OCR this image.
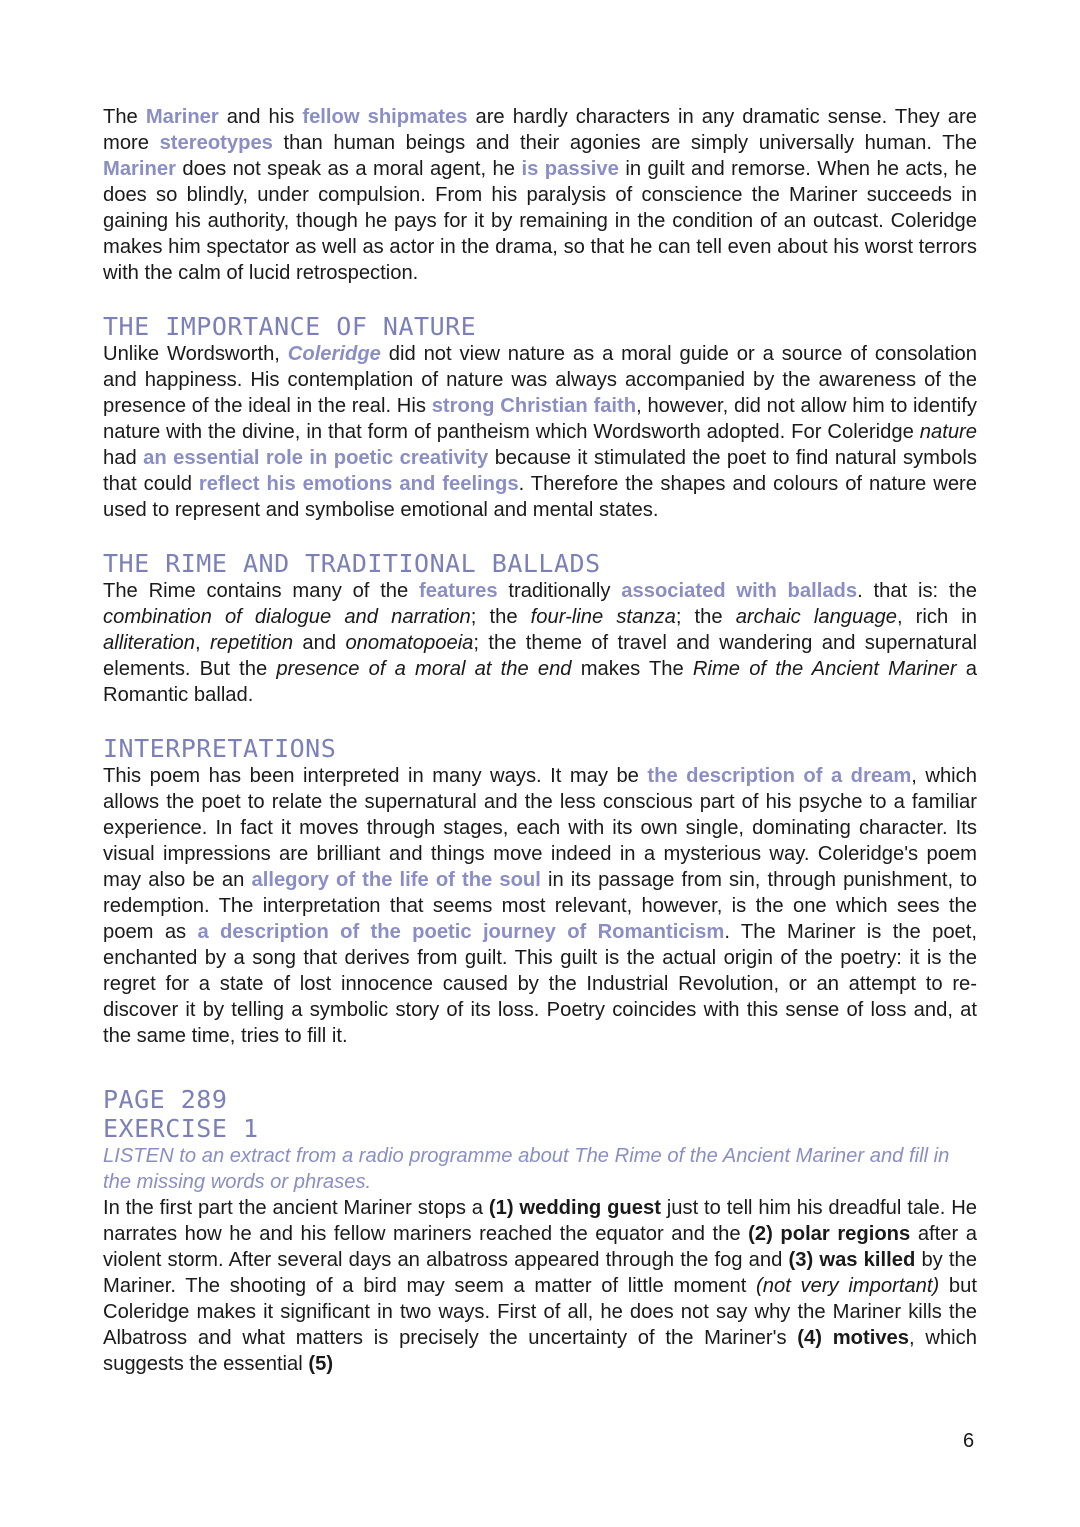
The Mariner and his fellow shipmates are hardly characters in any dramatic sense. They are more stereotypes than human beings and their agonies are simply universally human. The Mariner does not speak as a moral agent, he is passive in guilt and remorse. When he acts, he does so blindly, under compulsion. From his paralysis of conscience the Mariner succeeds in gaining his authority, though he pays for it by remaining in the condition of an outcast. Coleridge makes him spectator as well as actor in the drama, so that he can tell even about his worst terrors with the calm of lucid retrospection.

THE IMPORTANCE OF NATURE

Unlike Wordsworth, Coleridge did not view nature as a moral guide or a source of consolation and happiness. His contemplation of nature was always accompanied by the awareness of the presence of the ideal in the real. His strong Christian faith, however, did not allow him to identify nature with the divine, in that form of pantheism which Wordsworth adopted. For Coleridge nature had an essential role in poetic creativity because it stimulated the poet to find natural symbols that could reflect his emotions and feelings. Therefore the shapes and colours of nature were used to represent and symbolise emotional and mental states.

THE RIME AND TRADITIONAL BALLADS

The Rime contains many of the features traditionally associated with ballads. that is: the combination of dialogue and narration; the four-line stanza; the archaic language, rich in alliteration, repetition and onomatopoeia; the theme of travel and wandering and supernatural elements. But the presence of a moral at the end makes The Rime of the Ancient Mariner a Romantic ballad.

INTERPRETATIONS

This poem has been interpreted in many ways. It may be the description of a dream, which allows the poet to relate the supernatural and the less conscious part of his psyche to a familiar experience. In fact it moves through stages, each with its own single, dominating character. Its visual impressions are brilliant and things move indeed in a mysterious way. Coleridge's poem may also be an allegory of the life of the soul in its passage from sin, through punishment, to redemption. The interpretation that seems most relevant, however, is the one which sees the poem as a description of the poetic journey of Romanticism. The Mariner is the poet, enchanted by a song that derives from guilt. This guilt is the actual origin of the poetry: it is the regret for a state of lost innocence caused by the Industrial Revolution, or an attempt to re-discover it by telling a symbolic story of its loss. Poetry coincides with this sense of loss and, at the same time, tries to fill it.

PAGE 289
EXERCISE 1

LISTEN to an extract from a radio programme about The Rime of the Ancient Mariner and fill in the missing words or phrases.

In the first part the ancient Mariner stops a (1) wedding guest just to tell him his dreadful tale. He narrates how he and his fellow mariners reached the equator and the (2) polar regions after a violent storm. After several days an albatross appeared through the fog and (3) was killed by the Mariner. The shooting of a bird may seem a matter of little moment (not very important) but Coleridge makes it significant in two ways. First of all, he does not say why the Mariner kills the Albatross and what matters is precisely the uncertainty of the Mariner's (4) motives, which suggests the essential (5)

6
